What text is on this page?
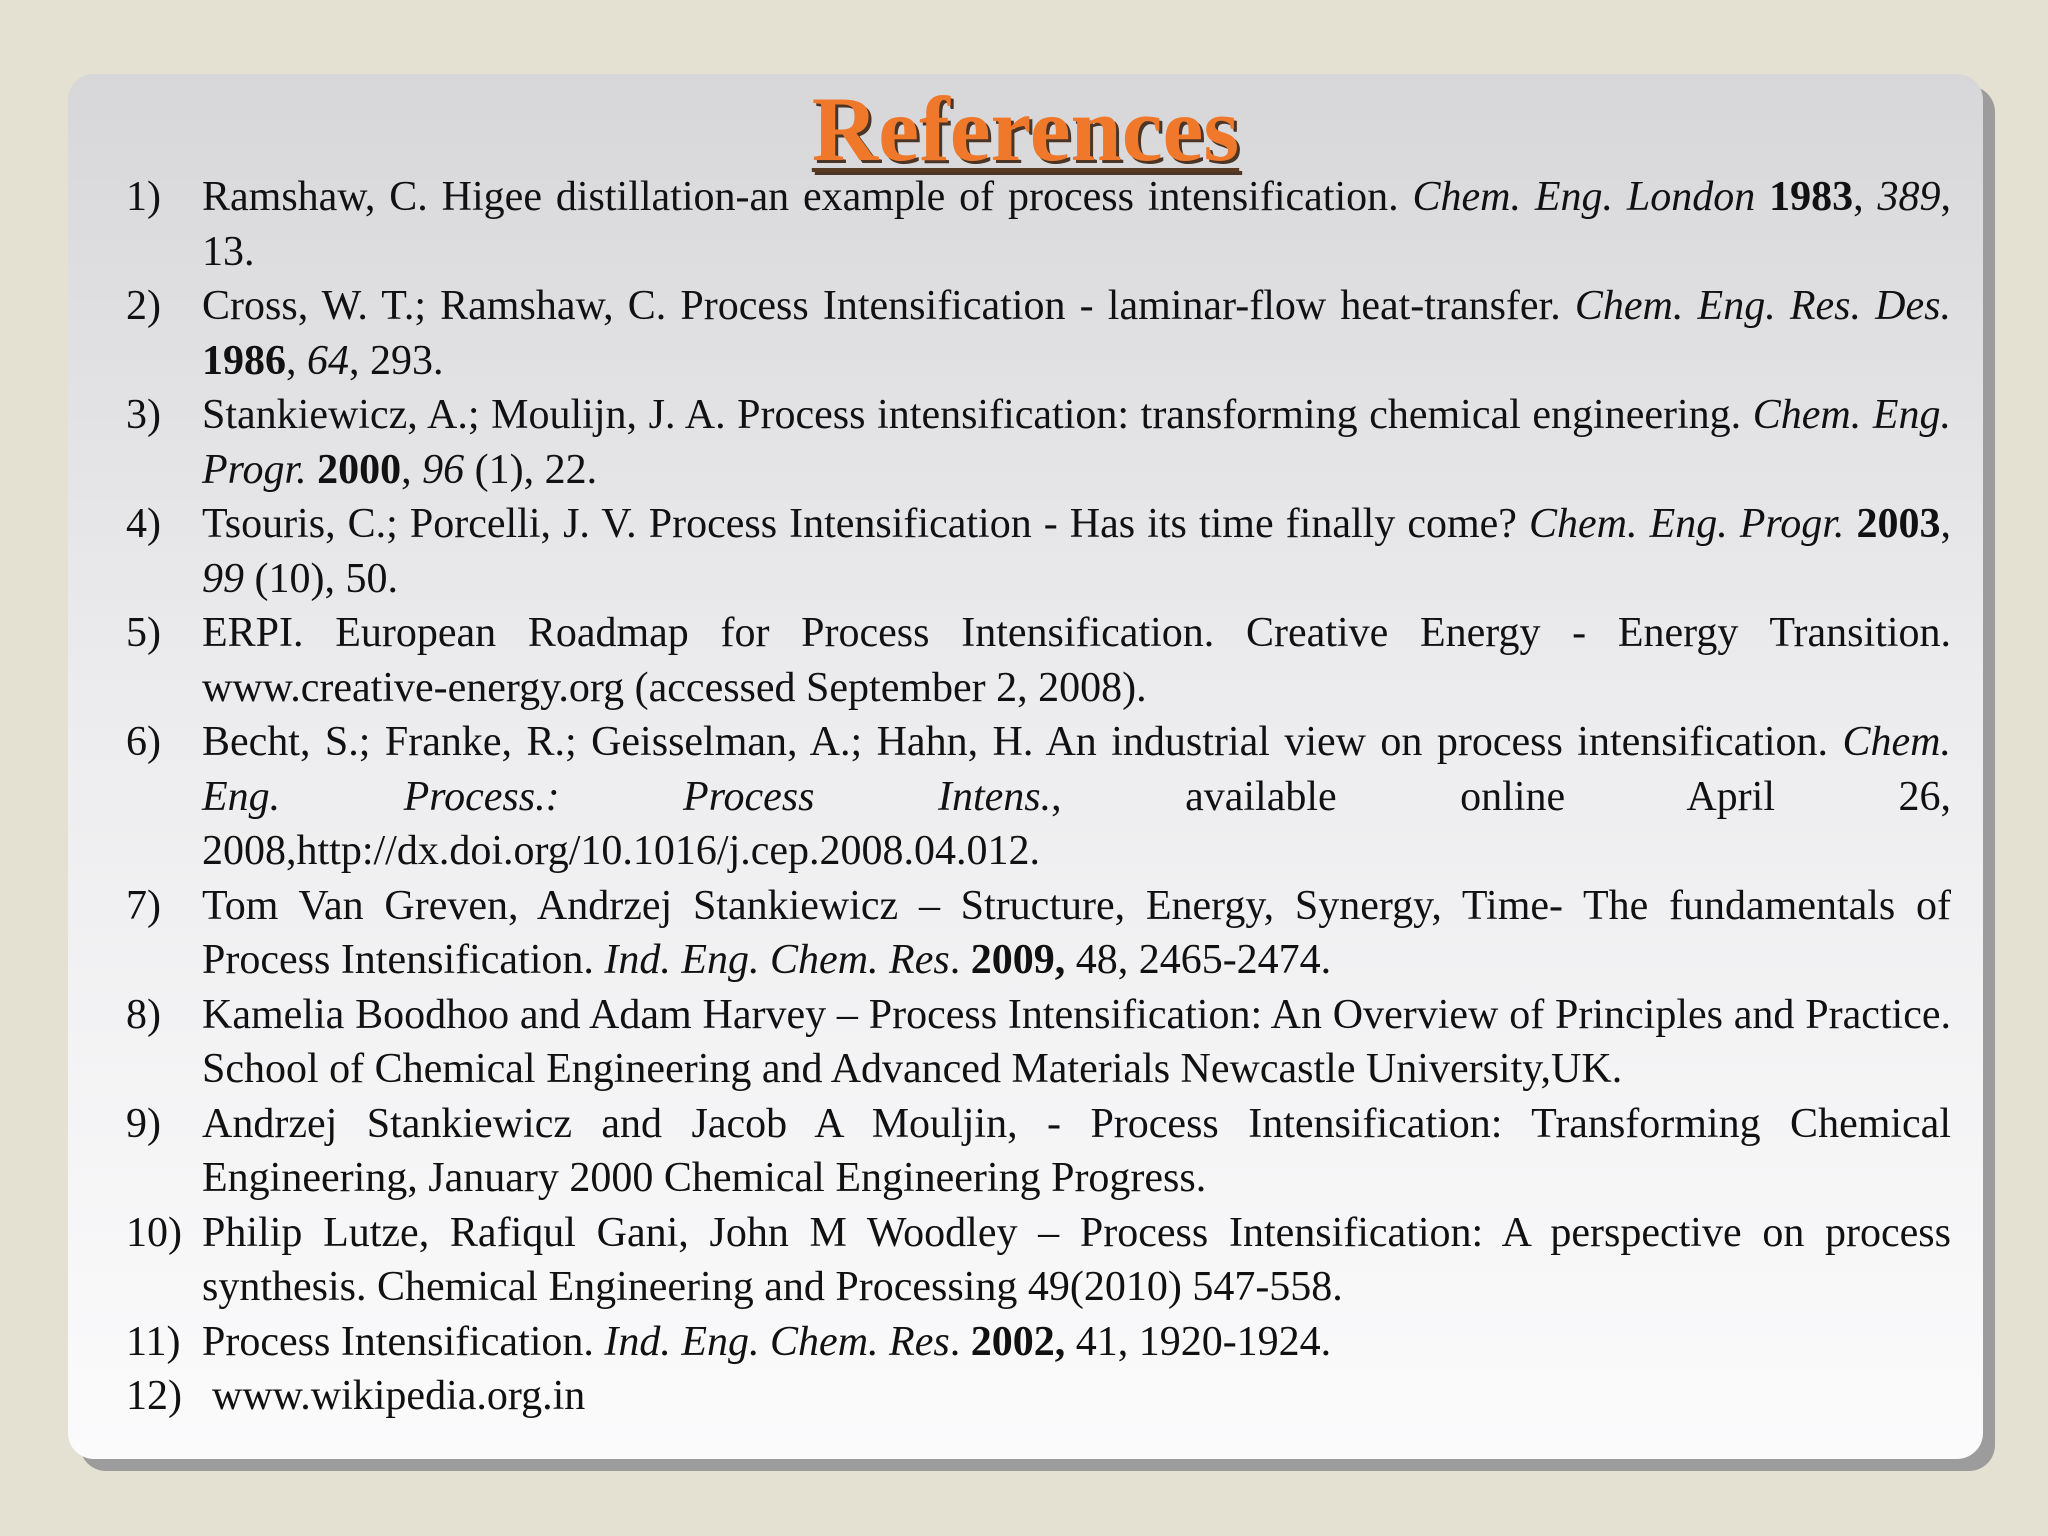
References
1) Ramshaw, C. Higee distillation-an example of process intensification. Chem. Eng. London 1983, 389, 13.
2) Cross, W. T.; Ramshaw, C. Process Intensification - laminar-flow heat-transfer. Chem. Eng. Res. Des. 1986, 64, 293.
3) Stankiewicz, A.; Moulijn, J. A. Process intensification: transforming chemical engineering. Chem. Eng. Progr. 2000, 96 (1), 22.
4) Tsouris, C.; Porcelli, J. V. Process Intensification - Has its time finally come? Chem. Eng. Progr. 2003, 99 (10), 50.
5) ERPI. European Roadmap for Process Intensification. Creative Energy - Energy Transition. www.creative-energy.org (accessed September 2, 2008).
6) Becht, S.; Franke, R.; Geisselman, A.; Hahn, H. An industrial view on process intensification. Chem. Eng. Process.: Process Intens., available online April 26, 2008,http://dx.doi.org/10.1016/j.cep.2008.04.012.
7) Tom Van Greven, Andrzej Stankiewicz – Structure, Energy, Synergy, Time- The fundamentals of Process Intensification. Ind. Eng. Chem. Res. 2009, 48, 2465-2474.
8) Kamelia Boodhoo and Adam Harvey – Process Intensification: An Overview of Principles and Practice. School of Chemical Engineering and Advanced Materials Newcastle University,UK.
9) Andrzej Stankiewicz and Jacob A Mouljin, - Process Intensification: Transforming Chemical Engineering, January 2000 Chemical Engineering Progress.
10) Philip Lutze, Rafiqul Gani, John M Woodley – Process Intensification: A perspective on process synthesis. Chemical Engineering and Processing 49(2010) 547-558.
11) Process Intensification. Ind. Eng. Chem. Res. 2002, 41, 1920-1924.
12) www.wikipedia.org.in
